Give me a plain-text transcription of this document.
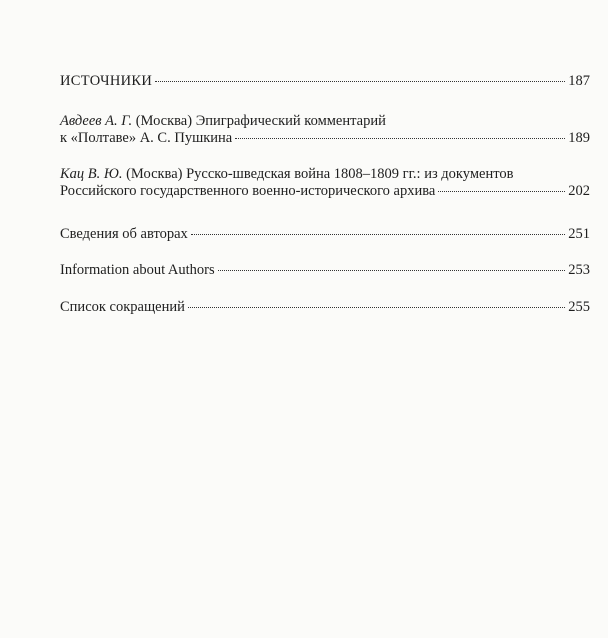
ИСТОЧНИКИ	187
Авдеев А. Г. (Москва) Эпиграфический комментарий
к «Полтаве» А. С. Пушкина	189
Кац В. Ю. (Москва) Русско-шведская война 1808–1809 гг.: из документов
Российского государственного военно-исторического архива	202
Сведения об авторах	251
Information about Authors	253
Список сокращений	255
